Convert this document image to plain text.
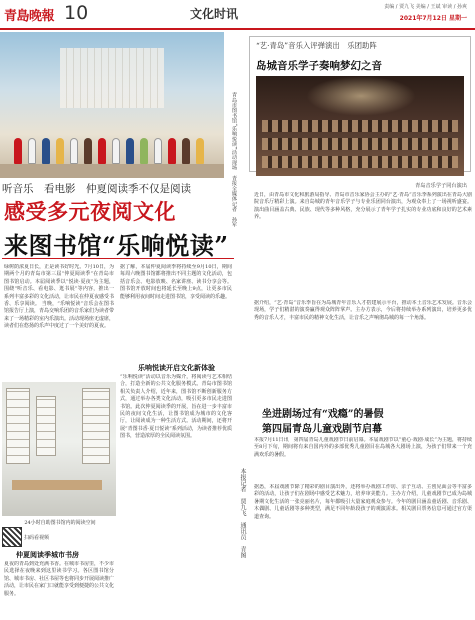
青島晚報 10	文化时讯	责编 / 贾九飞 美编 / 王斌 审读 / 孙爽
2021年7月12日 星期一
青岛市图书馆“乐响悦读”活动现场　青报全媒体记者　孙军
听音乐　看电影　仲夏阅读季不仅是阅读
感受多元夜阅文化
来图书馆“乐响悦读”
绿树荫浓夏日长，正是读书好时光。7月10日，为期两个月的青岛市第三届“仲夏阅读季”在青岛市图书馆启动。本届阅读季以“悦读·夏夜”为主题，围绕“听音乐、看电影、逛书展”等内容，推出一系列丰富多彩的文化活动，让市民在仲夏夜感受书香、乐享阅读。 当晚，“乐响悦读”音乐会在图书馆报告厅上演，青岛交响乐团的音乐家们为读者带来了一场精彩的室内乐演出。活动现场座无虚席，读者们在悠扬的乐声中度过了一个美好的夏夜。
据了解，本届仲夏阅读季将持续至9月10日，期间每周六晚图书馆都将推出不同主题的文化活动，包括音乐会、电影放映、名家讲座、读书分享会等。图书馆开放时间也将延长至晚上9点，让更多市民能够利用夜间时间走进图书馆，享受阅读的乐趣。
乐响悦读开启文化新体验
“乐响悦读”活动以音乐为媒介，将阅读与艺术相结合，打造全新的公共文化服务模式。青岛市图书馆相关负责人介绍，近年来，图书馆不断创新服务方式，通过举办各类文化活动，吸引更多市民走进图书馆。此次仲夏阅读季的开展，旨在进一步丰富市民的夜间文化生活，让图书馆成为城市的文化客厅，让阅读成为一种生活方式。活动期间，还将开展“青图书香·夏日悦读”系列活动，为读者推荐优质图书，营造浓厚的全民阅读氛围。
24小时自助图书馆内的阅读空间
扫码看视频
仲夏阅读季城市书房
夏夜的青岛到处充满书香。在城市书房里，不少市民选择在夜晚来到这里读书学习。各区图书馆分馆、城市书房、社区书屋等也将同步开展阅读推广活动，让市民在家门口就能享受到便捷的公共文化服务。
本报记者　贾九飞　通讯员　青图
“艺·青岛”音乐入评弹演出　乐团助阵
岛城音乐学子奏响梦幻之音
青岛音乐学子同台演出
近日，由青岛市文化和旅游局指导、青岛市音乐家协会主办的“艺·青岛”音乐季系列演出在青岛大剧院音乐厅精彩上演。来自岛城的青年音乐学子与专业乐团同台演出，为观众奉上了一场视听盛宴。演出曲目涵盖古典、民族、现代等多种风格，充分展示了青年学子扎实的专业功底和良好的艺术素养。
据介绍，“艺·青岛”音乐季旨在为岛城青年音乐人才搭建展示平台，推动本土音乐艺术发展。音乐会现场，学子们精湛的演奏赢得观众阵阵掌声。主办方表示，今后将持续举办系列演出，培养更多优秀的音乐人才，丰富市民的精神文化生活，让音乐之声响彻岛城的每一个角落。
坐进剧场过有“戏瘾”的暑假
第四届青岛儿童戏剧节启幕
本报7月11日讯　第四届青岛儿童戏剧节日前启幕。本届戏剧节以“童心·戏剧·成长”为主题，将持续至8月下旬，期间将有来自国内外的多部优秀儿童剧目在岛城各大剧场上演，为孩子们带来一个充满欢乐的暑假。
据悉，本届戏剧节除了精彩的剧目演出外，还将举办戏剧工作坊、亲子互动、主创见面会等丰富多彩的活动，让孩子们在剧场中感受艺术魅力，培养审美能力。主办方介绍，儿童戏剧节已成为岛城暑期文化生活的一张亮丽名片，每年都吸引大量家庭观众参与。今年的剧目涵盖童话剧、音乐剧、木偶剧、儿童话剧等多种类型，满足不同年龄段孩子的观演需求。相关剧目票务信息可通过官方渠道查询。
